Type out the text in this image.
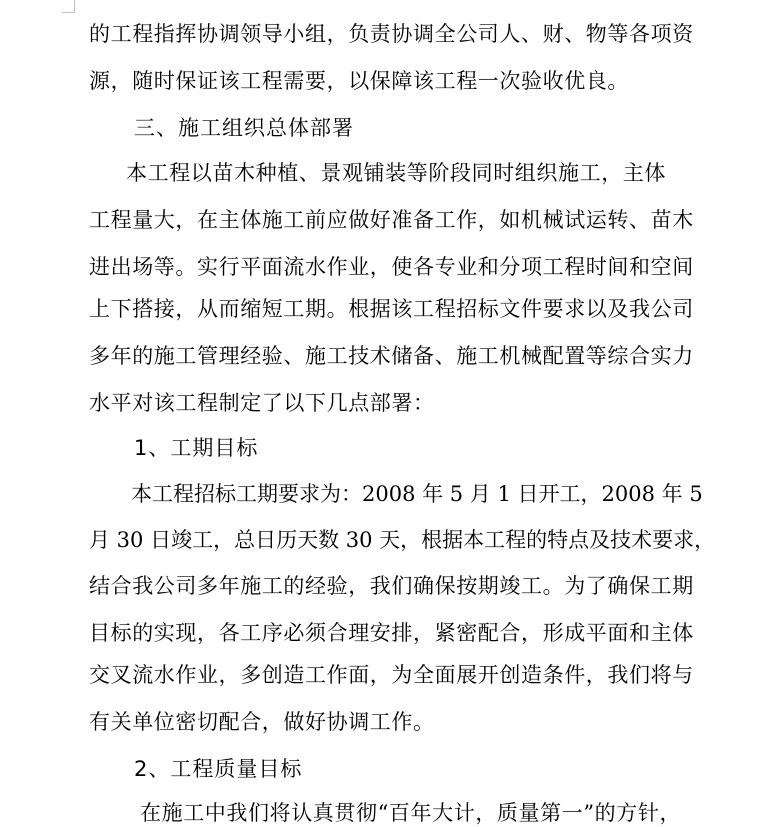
的工程指挥协调领导小组，负责协调全公司人、财、物等各项资
源，随时保证该工程需要，以保障该工程一次验收优良。
三、施工组织总体部署
本工程以苗木种植、景观铺装等阶段同时组织施工，主体
工程量大，在主体施工前应做好准备工作，如机械试运转、苗木
进出场等。实行平面流水作业，使各专业和分项工程时间和空间
上下搭接，从而缩短工期。根据该工程招标文件要求以及我公司
多年的施工管理经验、施工技术储备、施工机械配置等综合实力
水平对该工程制定了以下几点部署：
1、工期目标
本工程招标工期要求为：2008 年 5 月 1 日开工，2008 年 5
月 30 日竣工，总日历天数 30 天，根据本工程的特点及技术要求，
结合我公司多年施工的经验，我们确保按期竣工。为了确保工期
目标的实现，各工序必须合理安排，紧密配合，形成平面和主体
交叉流水作业，多创造工作面，为全面展开创造条件，我们将与
有关单位密切配合，做好协调工作。
2、工程质量目标
在施工中我们将认真贯彻“百年大计，质量第一”的方针，
